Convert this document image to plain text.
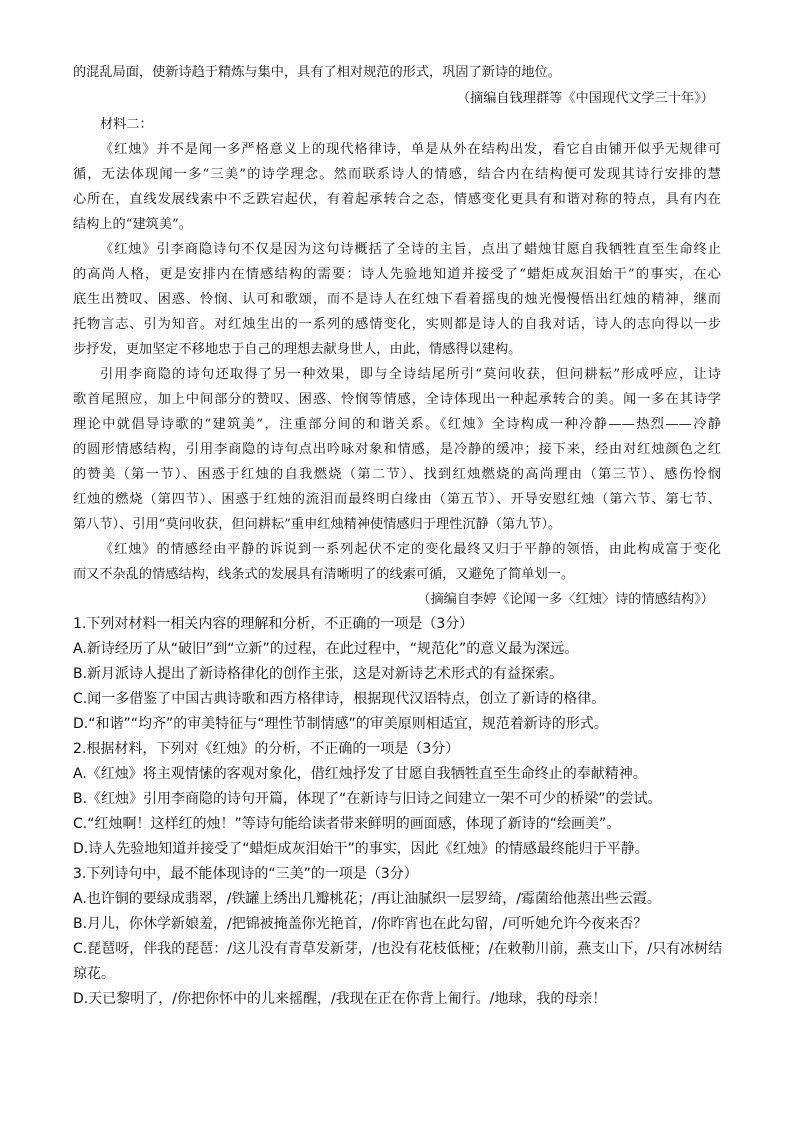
的混乱局面，使新诗趋于精炼与集中，具有了相对规范的形式，巩固了新诗的地位。
（摘编自钱理群等《中国现代文学三十年》）
材料二：
《红烛》并不是闻一多严格意义上的现代格律诗，单是从外在结构出发，看它自由铺开似乎无规律可
循，无法体现闻一多“三美”的诗学理念。然而联系诗人的情感，结合内在结构便可发现其诗行安排的慧
心所在，直线发展线索中不乏跌宕起伏，有着起承转合之态，情感变化更具有和谐对称的特点，具有内在
结构上的“建筑美”。
《红烛》引李商隐诗句不仅是因为这句诗概括了全诗的主旨，点出了蜡烛甘愿自我牺牲直至生命终止
的高尚人格，更是安排内在情感结构的需要：诗人先验地知道并接受了“蜡炬成灰泪始干”的事实，在心
底生出赞叹、困惑、怜悯、认可和歌颂，而不是诗人在红烛下看着摇曳的烛光慢慢悟出红烛的精神，继而
托物言志、引为知音。对红烛生出的一系列的感情变化，实则都是诗人的自我对话，诗人的志向得以一步
步抒发，更加坚定不移地忠于自己的理想去献身世人，由此，情感得以建构。
引用李商隐的诗句还取得了另一种效果，即与全诗结尾所引“莫问收获，但问耕耘”形成呼应，让诗
歌首尾照应，加上中间部分的赞叹、困惑、怜悯等情感，全诗体现出一种起承转合的美。闻一多在其诗学
理论中就倡导诗歌的“建筑美”，注重部分间的和谐关系。《红烛》全诗构成一种冷静——热烈——冷静
的圆形情感结构，引用李商隐的诗句点出吟咏对象和情感，是冷静的缓冲；接下来，经由对红烛颜色之红
的赞美（第一节）、困惑于红烛的自我燃烧（第二节）、找到红烛燃烧的高尚理由（第三节）、感伤怜悯
红烛的燃烧（第四节）、困惑于红烛的流泪而最终明白缘由（第五节）、开导安慰红烛（第六节、第七节、
第八节）、引用“莫问收获，但问耕耘”重申红烛精神使情感归于理性沉静（第九节）。
《红烛》的情感经由平静的诉说到一系列起伏不定的变化最终又归于平静的领悟，由此构成富于变化
而又不杂乱的情感结构，线条式的发展具有清晰明了的线索可循，又避免了简单划一。
（摘编自李婷《论闻一多〈红烛〉诗的情感结构》）
1.下列对材料一相关内容的理解和分析，不正确的一项是（3分）
A.新诗经历了从“破旧”到“立新”的过程，在此过程中，“规范化”的意义最为深远。
B.新月派诗人提出了新诗格律化的创作主张，这是对新诗艺术形式的有益探索。
C.闻一多借鉴了中国古典诗歌和西方格律诗，根据现代汉语特点，创立了新诗的格律。
D.“和谐”“均齐”的审美特征与“理性节制情感”的审美原则相适宜，规范着新诗的形式。
2.根据材料，下列对《红烛》的分析，不正确的一项是（3分）
A.《红烛》将主观情愫的客观对象化，借红烛抒发了甘愿自我牺牲直至生命终止的奉献精神。
B.《红烛》引用李商隐的诗句开篇，体现了“在新诗与旧诗之间建立一架不可少的桥梁”的尝试。
C.“红烛啊！这样红的烛！”等诗句能给读者带来鲜明的画面感，体现了新诗的“绘画美”。
D.诗人先验地知道并接受了“蜡炬成灰泪始干”的事实，因此《红烛》的情感最终能归于平静。
3.下列诗句中，最不能体现诗的“三美”的一项是（3分）
A.也许铜的要绿成翡翠，/铁罐上绣出几瓣桃花；/再让油腻织一层罗绮，/霉菌给他蒸出些云霞。
B.月儿，你休学新娘羞，/把锦被掩盖你光艳首，/你昨宵也在此勾留，/可听她允许今夜来否？
C.琵琶呀，伴我的琵琶：/这儿没有青草发新芽，/也没有花枝低桠；/在敕勒川前，燕支山下，/只有冰树结
琼花。
D.天已黎明了，/你把你怀中的儿来摇醒，/我现在正在你背上匍行。/地球，我的母亲！
